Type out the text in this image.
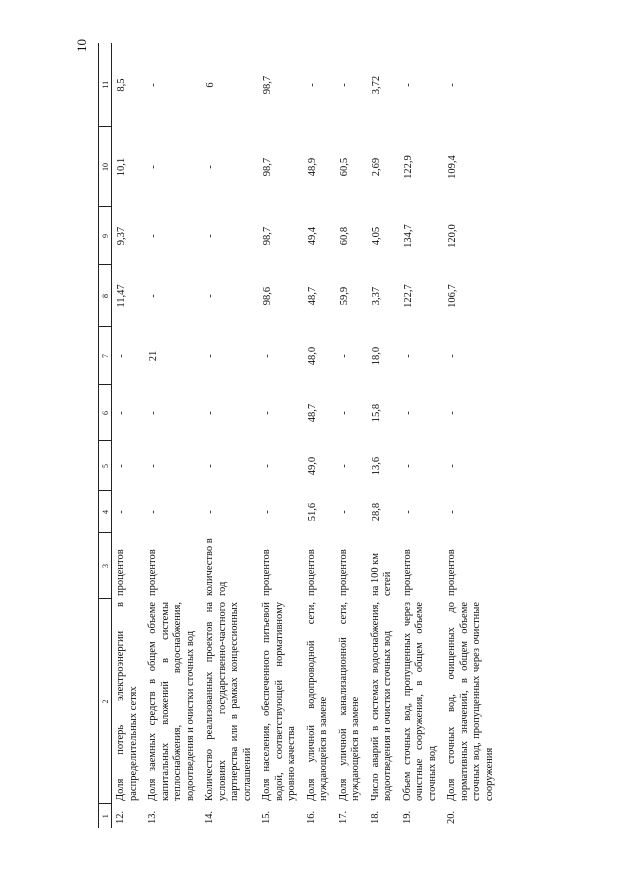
10
1	2	3	4	5	6	7	8	9	10	11
12.	Доля потерь электроэнергии в распределительных сетях	процентов	-	-	-	-	11,47	9,37	10,1	8,5
13.	Доля заемных средств в общем объеме капитальных вложений в системы теплоснабжения, водоснабжения, водоотведения и очистки сточных вод	процентов	-	-	-	21	-	-	-	-
14.	Количество реализованных проектов на условиях государственно-частного партнерства или в рамках концессионных соглашений	количество в год	-	-	-	-	-	-	-	6
15.	Доля населения, обеспеченного питьевой водой, соответствующей нормативному уровню качества	процентов	-	-	-	-	98,6	98,7	98,7	98,7
16.	Доля уличной водопроводной сети, нуждающейся в замене	процентов	51,6	49,0	48,7	48,0	48,7	49,4	48,9	-
17.	Доля уличной канализационной сети, нуждающейся в замене	процентов	-	-	-	-	59,9	60,8	60,5	-
18.	Число аварий в системах водоснабжения, водоотведения и очистки сточных вод	на 100 км сетей	28,8	13,6	15,8	18,0	3,37	4,05	2,69	3,72
19.	Объем сточных вод, пропущенных через очистные сооружения, в общем объеме сточных вод	процентов	-	-	-	-	122,7	134,7	122,9	-
20.	Доля сточных вод, очищенных до нормативных значений, в общем объеме сточных вод, пропущенных через очистные сооружения	процентов	-	-	-	-	106,7	120,0	109,4	-
